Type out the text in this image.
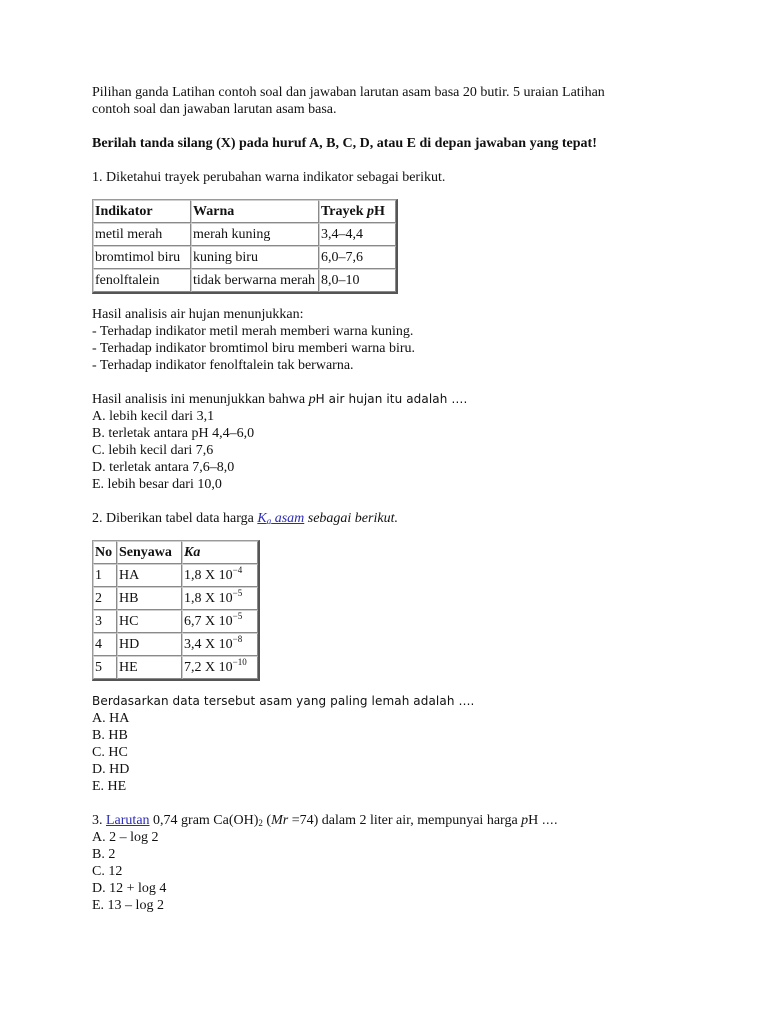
Pilihan ganda Latihan contoh soal dan jawaban larutan asam basa 20 butir. 5 uraian Latihan

contoh soal dan jawaban larutan asam basa.

Berilah tanda silang (X) pada huruf A, B, C, D, atau E di depan jawaban yang tepat!

1. Diketahui trayek perubahan warna indikator sebagai berikut.

Indikator	Warna	Trayek pH
metil merah	merah kuning	3,4–4,4
bromtimol biru	kuning biru	6,0–7,6
fenolftalein	tidak berwarna merah	8,0–10

Hasil analisis air hujan menunjukkan:

- Terhadap indikator metil merah memberi warna kuning.

- Terhadap indikator bromtimol biru memberi warna biru.

- Terhadap indikator fenolftalein tak berwarna.

Hasil analisis ini menunjukkan bahwa pH air hujan itu adalah ….

A. lebih kecil dari 3,1

B. terletak antara pH 4,4–6,0

C. lebih kecil dari 7,6

D. terletak antara 7,6–8,0

E. lebih besar dari 10,0

2. Diberikan tabel data harga $K_a$ asam sebagai berikut.

No	Senyawa	Ka
1	HA	1,8 X $10^{-4}$
2	HB	1,8 X $10^{-5}$
3	HC	6,7 X $10^{-5}$
4	HD	3,4 X $10^{-8}$
5	HE	7,2 X $10^{-10}$

Berdasarkan data tersebut asam yang paling lemah adalah ….

A. HA

B. HB

C. HC

D. HD

E. HE

3. Larutan 0,74 gram $Ca(OH)_2$ (Mr =74) dalam 2 liter air, mempunyai harga pH ….

A. 2 – log 2

B. 2

C. 12

D. 12 + log 4

E. 13 – log 2
